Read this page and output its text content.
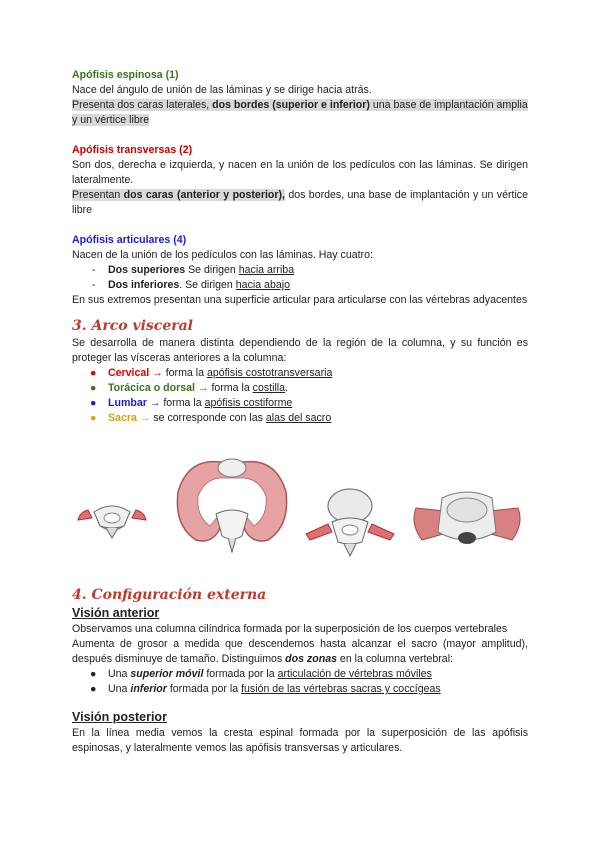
Apófisis espinosa (1)

Nace del ángulo de unión de las láminas y se dirige hacia atrás.

Presenta dos caras laterales, dos bordes (superior e inferior) una base de implantación amplia y un vértice libre

Apófisis transversas (2)

Son dos, derecha e izquierda, y nacen en la unión de los pedículos con las láminas. Se dirigen lateralmente.

Presentan dos caras (anterior y posterior), dos bordes, una base de implantación y un vértice libre

Apófisis articulares (4)

Nacen de la unión de los pedículos con las láminas. Hay cuatro:

- Dos superiores Se dirigen hacia arriba
- Dos inferiores. Se dirigen hacia abajo

En sus extremos presentan una superficie articular para articularse con las vértebras adyacentes

3. Arco visceral

Se desarrolla de manera distinta dependiendo de la región de la columna, y su función es proteger las vísceras anteriores a la columna:

● Cervical → forma la apófisis costotransversaria
● Torácica o dorsal → forma la costilla.
● Lumbar → forma la apófisis costiforme
● Sacra → se corresponde con las alas del sacro

4. Configuración externa

Visión anterior

Observamos una columna cilíndrica formada por la superposición de los cuerpos vertebrales

Aumenta de grosor a medida que descendemos hasta alcanzar el sacro (mayor amplitud), después disminuye de tamaño. Distinguimos dos zonas en la columna vertebral:

● Una superior móvil formada por la articulación de vértebras móviles
● Una inferior formada por la fusión de las vértebras sacras y coccígeas

Visión posterior

En la línea media vemos la cresta espinal formada por la superposición de las apófisis espinosas, y lateralmente vemos las apófisis transversas y articulares.
